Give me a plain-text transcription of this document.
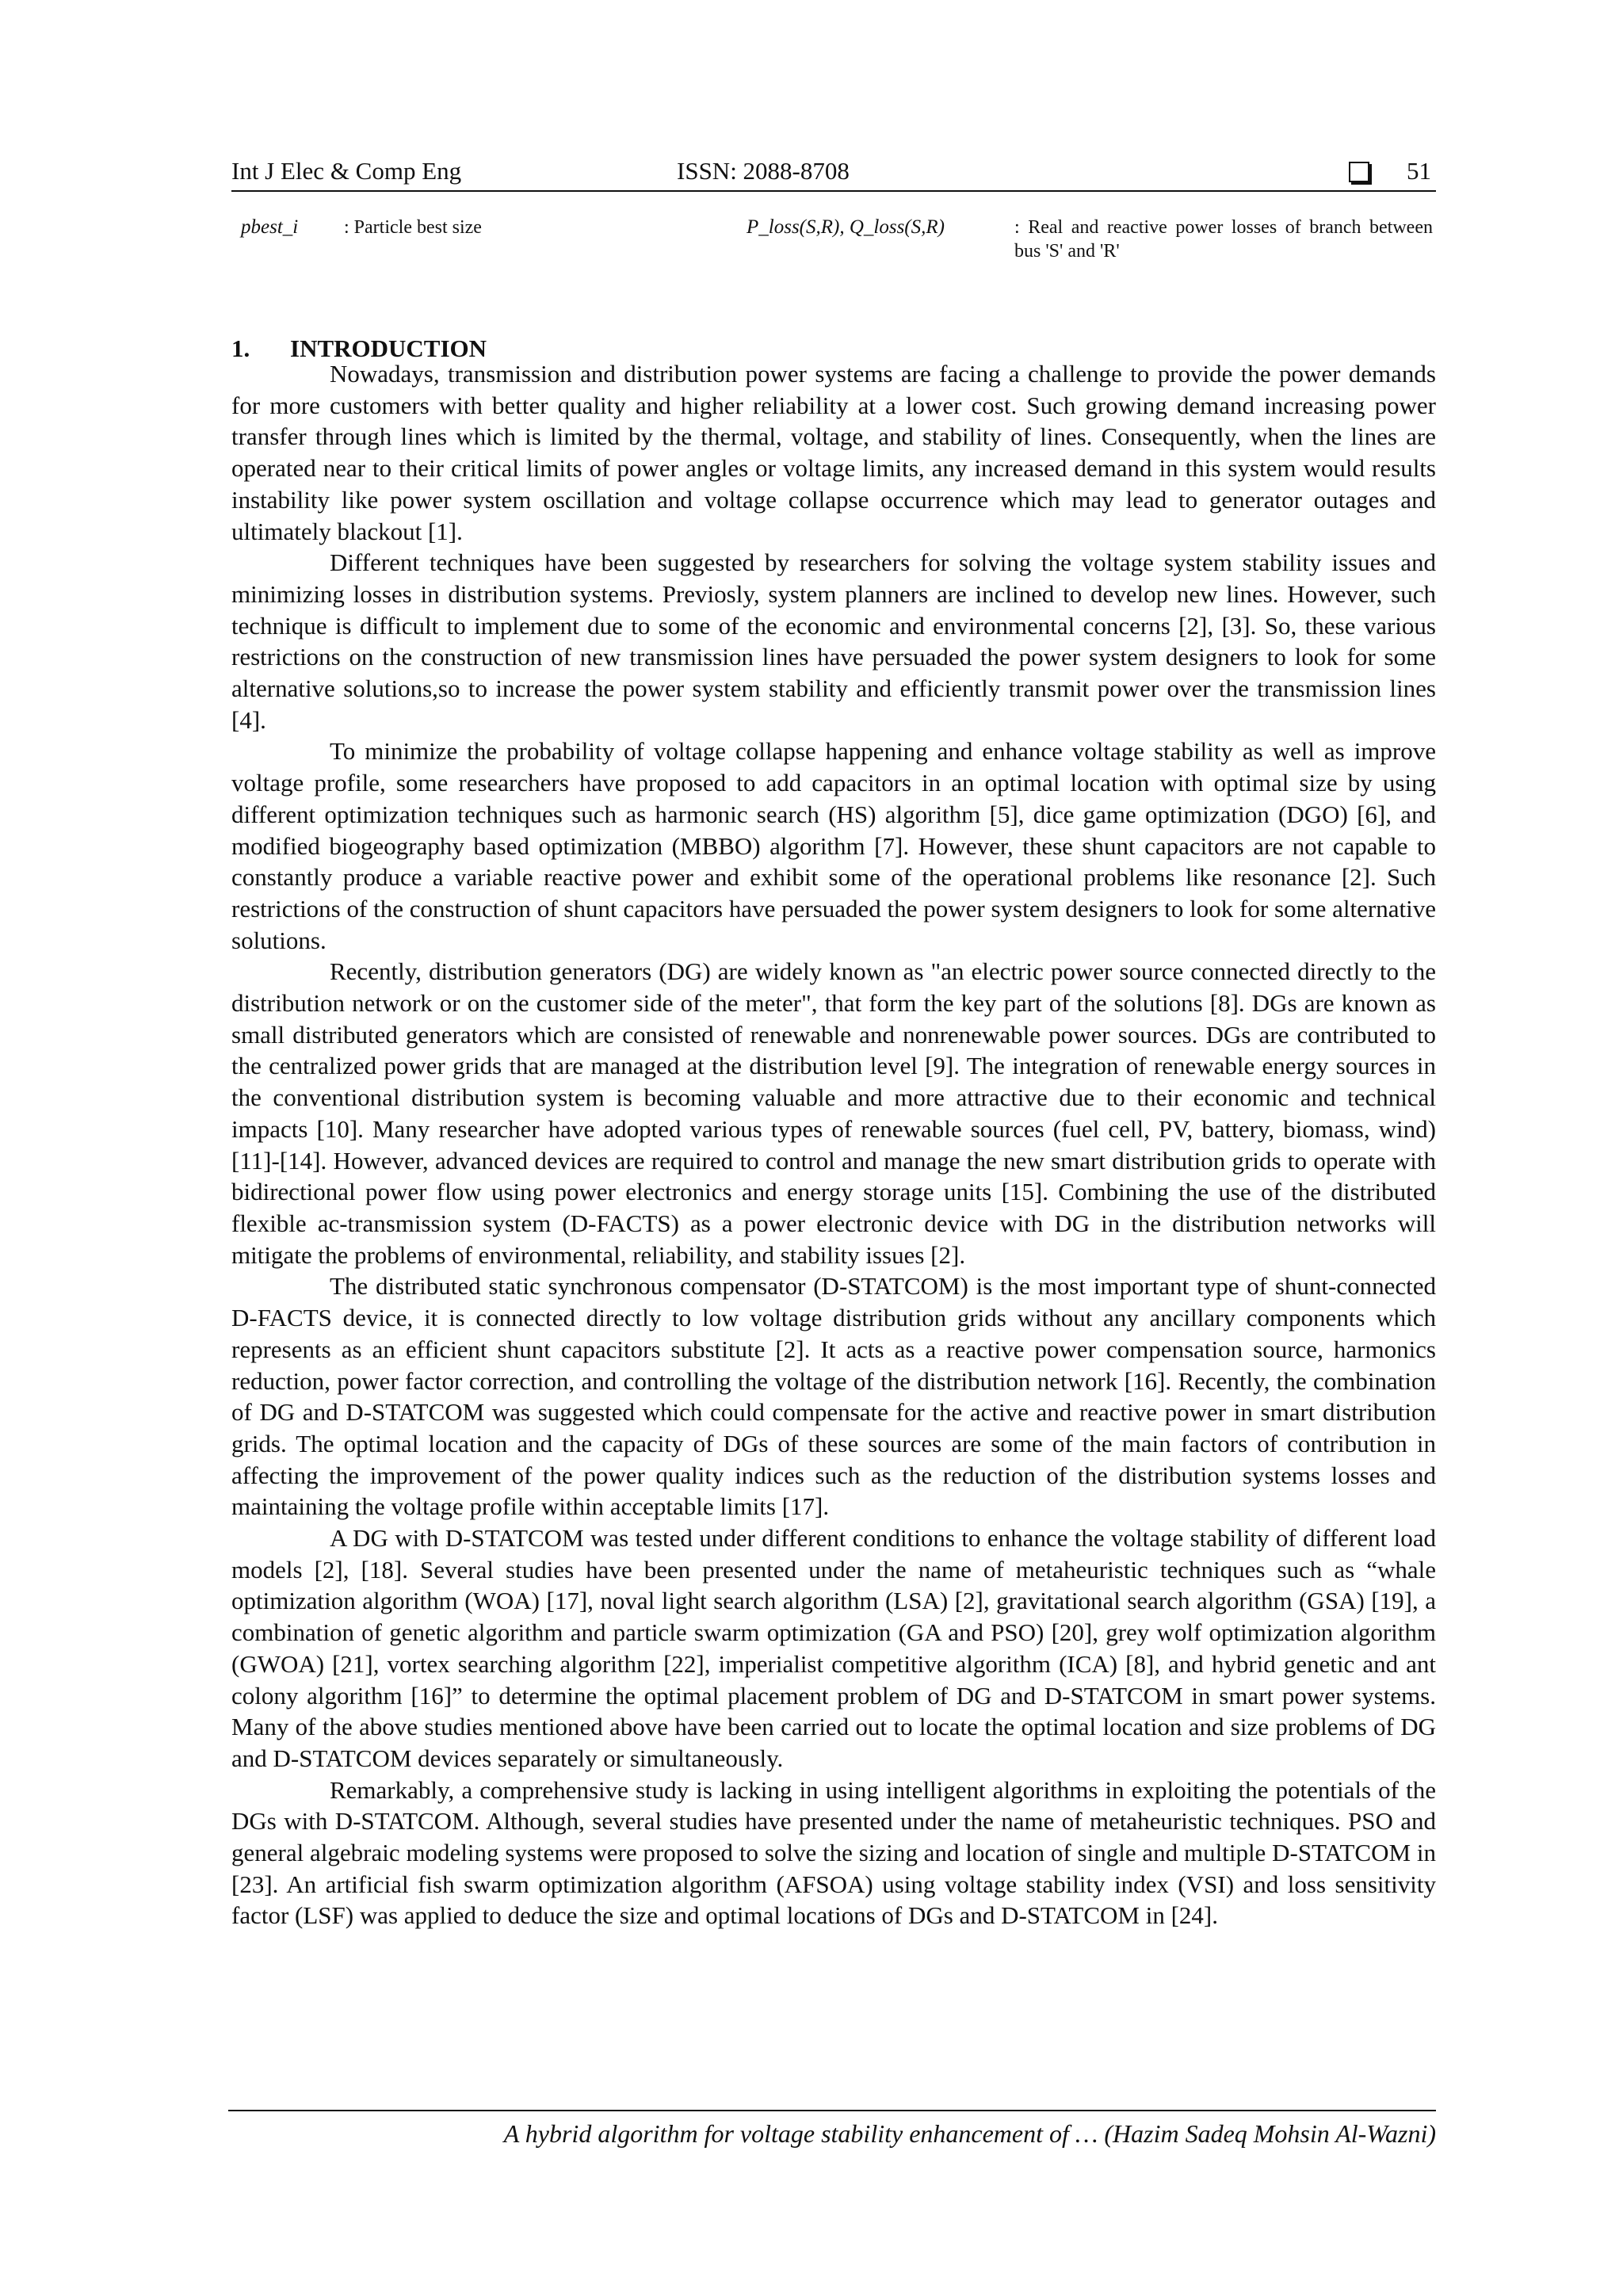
Int J Elec & Comp Eng	ISSN: 2088-8708	51
pbest_i	: Particle best size	P_loss(S,R), Q_loss(S,R)	: Real and reactive power losses of branch between bus 'S' and 'R'
1. INTRODUCTION

Nowadays, transmission and distribution power systems are facing a challenge to provide the power demands for more customers with better quality and higher reliability at a lower cost. Such growing demand increasing power transfer through lines which is limited by the thermal, voltage, and stability of lines. Consequently, when the lines are operated near to their critical limits of power angles or voltage limits, any increased demand in this system would results instability like power system oscillation and voltage collapse occurrence which may lead to generator outages and ultimately blackout [1].

Different techniques have been suggested by researchers for solving the voltage system stability issues and minimizing losses in distribution systems. Previosly, system planners are inclined to develop new lines. However, such technique is difficult to implement due to some of the economic and environmental concerns [2], [3]. So, these various restrictions on the construction of new transmission lines have persuaded the power system designers to look for some alternative solutions,so to increase the power system stability and efficiently transmit power over the transmission lines [4].

To minimize the probability of voltage collapse happening and enhance voltage stability as well as improve voltage profile, some researchers have proposed to add capacitors in an optimal location with optimal size by using different optimization techniques such as harmonic search (HS) algorithm [5], dice game optimization (DGO) [6], and modified biogeography based optimization (MBBO) algorithm [7]. However, these shunt capacitors are not capable to constantly produce a variable reactive power and exhibit some of the operational problems like resonance [2]. Such restrictions of the construction of shunt capacitors have persuaded the power system designers to look for some alternative solutions.

Recently, distribution generators (DG) are widely known as "an electric power source connected directly to the distribution network or on the customer side of the meter", that form the key part of the solutions [8]. DGs are known as small distributed generators which are consisted of renewable and nonrenewable power sources. DGs are contributed to the centralized power grids that are managed at the distribution level [9]. The integration of renewable energy sources in the conventional distribution system is becoming valuable and more attractive due to their economic and technical impacts [10]. Many researcher have adopted various types of renewable sources (fuel cell, PV, battery, biomass, wind) [11]-[14]. However, advanced devices are required to control and manage the new smart distribution grids to operate with bidirectional power flow using power electronics and energy storage units [15]. Combining the use of the distributed flexible ac-transmission system (D-FACTS) as a power electronic device with DG in the distribution networks will mitigate the problems of environmental, reliability, and stability issues [2].

The distributed static synchronous compensator (D-STATCOM) is the most important type of shunt-connected D-FACTS device, it is connected directly to low voltage distribution grids without any ancillary components which represents as an efficient shunt capacitors substitute [2]. It acts as a reactive power compensation source, harmonics reduction, power factor correction, and controlling the voltage of the distribution network [16]. Recently, the combination of DG and D-STATCOM was suggested which could compensate for the active and reactive power in smart distribution grids. The optimal location and the capacity of DGs of these sources are some of the main factors of contribution in affecting the improvement of the power quality indices such as the reduction of the distribution systems losses and maintaining the voltage profile within acceptable limits [17].

A DG with D-STATCOM was tested under different conditions to enhance the voltage stability of different load models [2], [18]. Several studies have been presented under the name of metaheuristic techniques such as “whale optimization algorithm (WOA) [17], noval light search algorithm (LSA) [2], gravitational search algorithm (GSA) [19], a combination of genetic algorithm and particle swarm optimization (GA and PSO) [20], grey wolf optimization algorithm (GWOA) [21], vortex searching algorithm [22], imperialist competitive algorithm (ICA) [8], and hybrid genetic and ant colony algorithm [16]” to determine the optimal placement problem of DG and D-STATCOM in smart power systems. Many of the above studies mentioned above have been carried out to locate the optimal location and size problems of DG and D-STATCOM devices separately or simultaneously.

Remarkably, a comprehensive study is lacking in using intelligent algorithms in exploiting the potentials of the DGs with D-STATCOM. Although, several studies have presented under the name of metaheuristic techniques. PSO and general algebraic modeling systems were proposed to solve the sizing and location of single and multiple D-STATCOM in [23]. An artificial fish swarm optimization algorithm (AFSOA) using voltage stability index (VSI) and loss sensitivity factor (LSF) was applied to deduce the size and optimal locations of DGs and D-STATCOM in [24].

A hybrid algorithm for voltage stability enhancement of … (Hazim Sadeq Mohsin Al-Wazni)
